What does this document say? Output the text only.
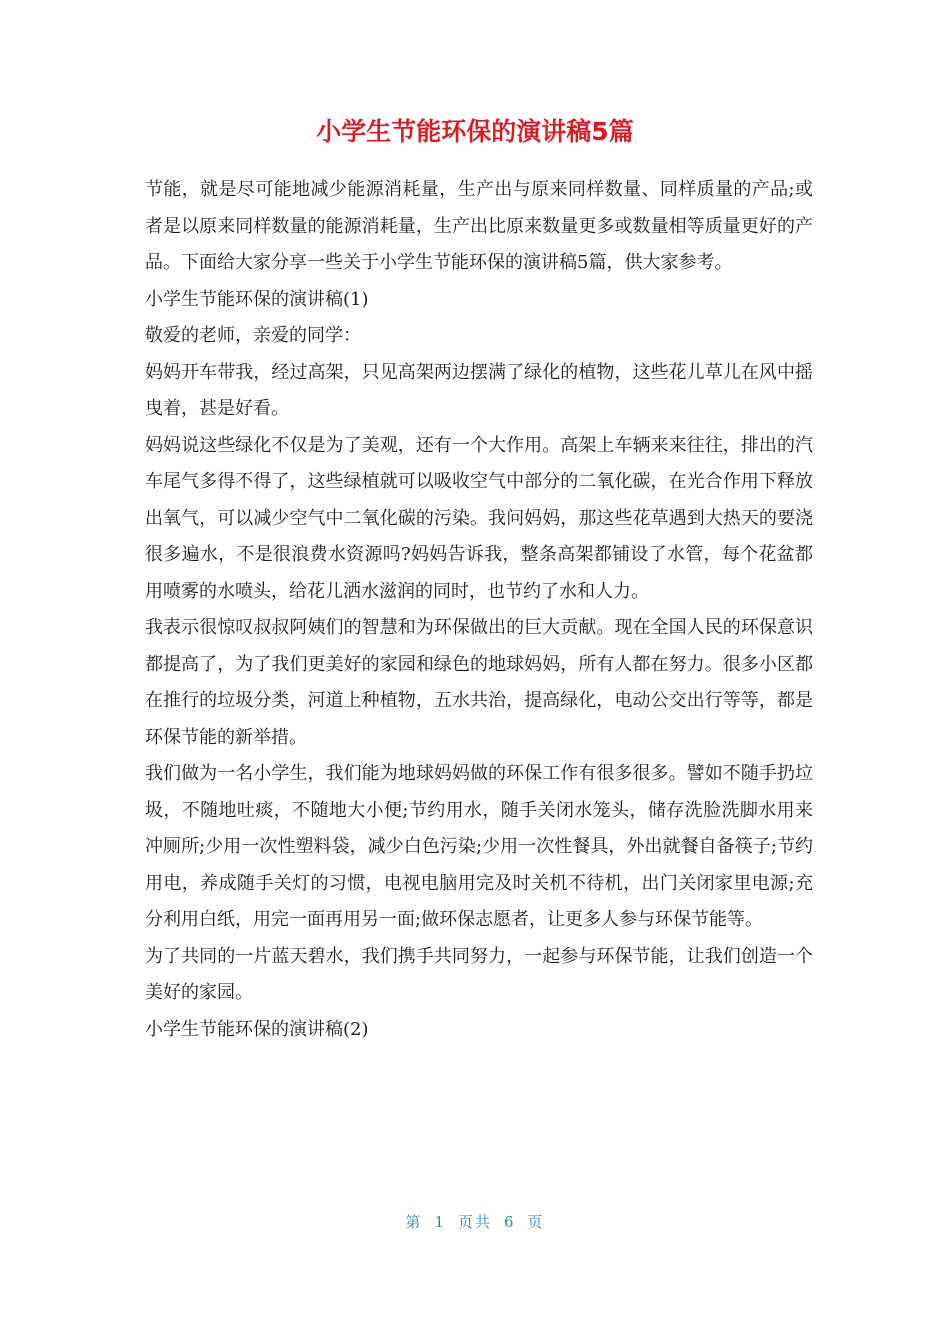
小学生节能环保的演讲稿5篇

节能，就是尽可能地减少能源消耗量，生产出与原来同样数量、同样质量的产品;或者是以原来同样数量的能源消耗量，生产出比原来数量更多或数量相等质量更好的产品。下面给大家分享一些关于小学生节能环保的演讲稿5篇，供大家参考。

小学生节能环保的演讲稿(1)

敬爱的老师，亲爱的同学：

妈妈开车带我，经过高架，只见高架两边摆满了绿化的植物，这些花儿草儿在风中摇曳着，甚是好看。

妈妈说这些绿化不仅是为了美观，还有一个大作用。高架上车辆来来往往，排出的汽车尾气多得不得了，这些绿植就可以吸收空气中部分的二氧化碳，在光合作用下释放出氧气，可以减少空气中二氧化碳的污染。我问妈妈，那这些花草遇到大热天的要浇很多遍水，不是很浪费水资源吗?妈妈告诉我，整条高架都铺设了水管，每个花盆都用喷雾的水喷头，给花儿洒水滋润的同时，也节约了水和人力。

我表示很惊叹叔叔阿姨们的智慧和为环保做出的巨大贡献。现在全国人民的环保意识都提高了，为了我们更美好的家园和绿色的地球妈妈，所有人都在努力。很多小区都在推行的垃圾分类，河道上种植物，五水共治，提高绿化，电动公交出行等等，都是环保节能的新举措。

我们做为一名小学生，我们能为地球妈妈做的环保工作有很多很多。譬如不随手扔垃圾，不随地吐痰，不随地大小便;节约用水，随手关闭水笼头，储存洗脸洗脚水用来冲厕所;少用一次性塑料袋，减少白色污染;少用一次性餐具，外出就餐自备筷子;节约用电，养成随手关灯的习惯，电视电脑用完及时关机不待机，出门关闭家里电源;充分利用白纸，用完一面再用另一面;做环保志愿者，让更多人参与环保节能等。

为了共同的一片蓝天碧水，我们携手共同努力，一起参与环保节能，让我们创造一个美好的家园。

小学生节能环保的演讲稿(2)

第 1 页共 6 页
